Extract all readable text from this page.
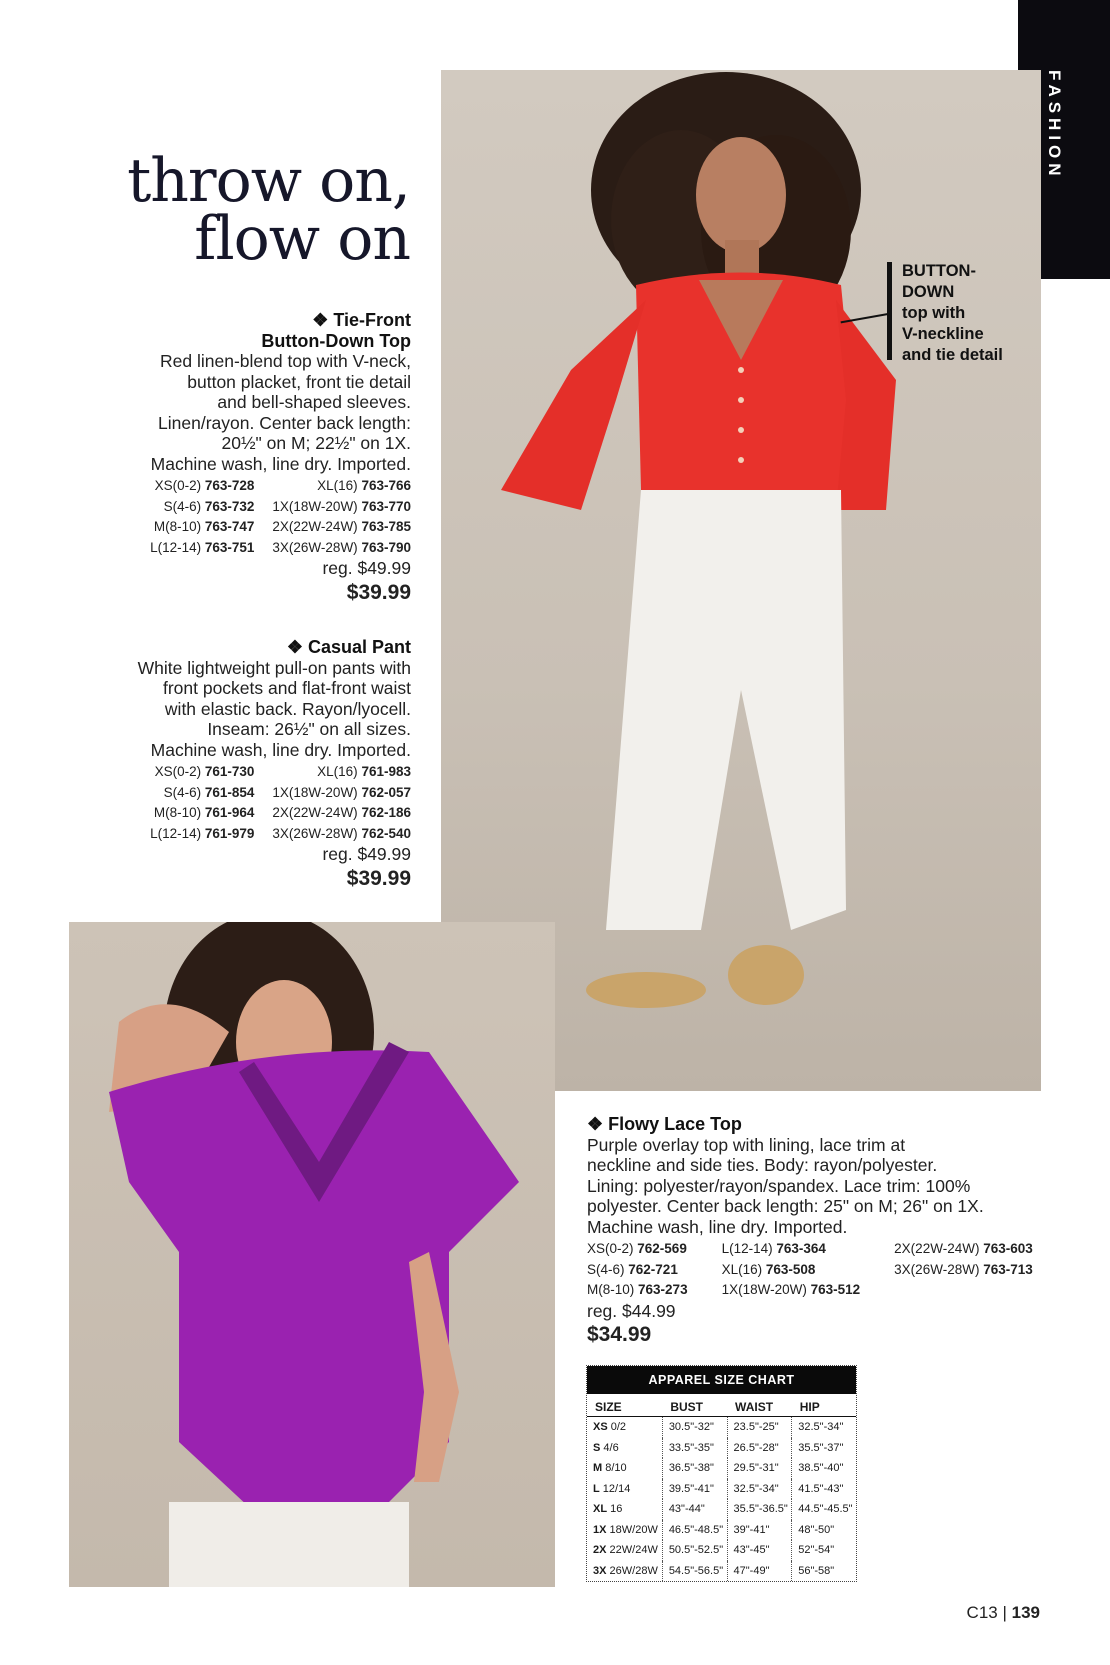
FASHION
throw on,
flow on
❖ Tie-Front
Button-Down Top
Red linen-blend top with V-neck,
button placket, front tie detail
and bell-shaped sleeves.
Linen/rayon. Center back length:
20½" on M; 22½" on 1X.
Machine wash, line dry. Imported.
XS(0-2) 763-728	XL(16) 763-766
S(4-6) 763-732 1X(18W-20W) 763-770
M(8-10) 763-747 2X(22W-24W) 763-785
L(12-14) 763-751 3X(26W-28W) 763-790
reg. $49.99
$39.99
❖ Casual Pant
White lightweight pull-on pants with
front pockets and flat-front waist
with elastic back. Rayon/lyocell.
Inseam: 26½" on all sizes.
Machine wash, line dry. Imported.
XS(0-2) 761-730	XL(16) 761-983
S(4-6) 761-854 1X(18W-20W) 762-057
M(8-10) 761-964 2X(22W-24W) 762-186
L(12-14) 761-979 3X(26W-28W) 762-540
reg. $49.99
$39.99
BUTTON-
DOWN
top with
V-neckline
and tie detail
❖ Flowy Lace Top
Purple overlay top with lining, lace trim at
neckline and side ties. Body: rayon/polyester.
Lining: polyester/rayon/spandex. Lace trim: 100%
polyester. Center back length: 25" on M; 26" on 1X.
Machine wash, line dry. Imported.
XS(0-2) 762-569	L(12-14) 763-364	2X(22W-24W) 763-603
S(4-6) 762-721	XL(16) 763-508	3X(26W-28W) 763-713
M(8-10) 763-273	1X(18W-20W) 763-512
reg. $44.99
$34.99
APPAREL SIZE CHART
SIZE	BUST	WAIST	HIP
XS 0/2	30.5"-32"	23.5"-25"	32.5"-34"
S 4/6	33.5"-35"	26.5"-28"	35.5"-37"
M 8/10	36.5"-38"	29.5"-31"	38.5"-40"
L 12/14	39.5"-41"	32.5"-34"	41.5"-43"
XL 16	43"-44"	35.5"-36.5"	44.5"-45.5"
1X 18W/20W	46.5"-48.5"	39"-41"	48"-50"
2X 22W/24W	50.5"-52.5"	43"-45"	52"-54"
3X 26W/28W	54.5"-56.5"	47"-49"	56"-58"
C13 | 139
